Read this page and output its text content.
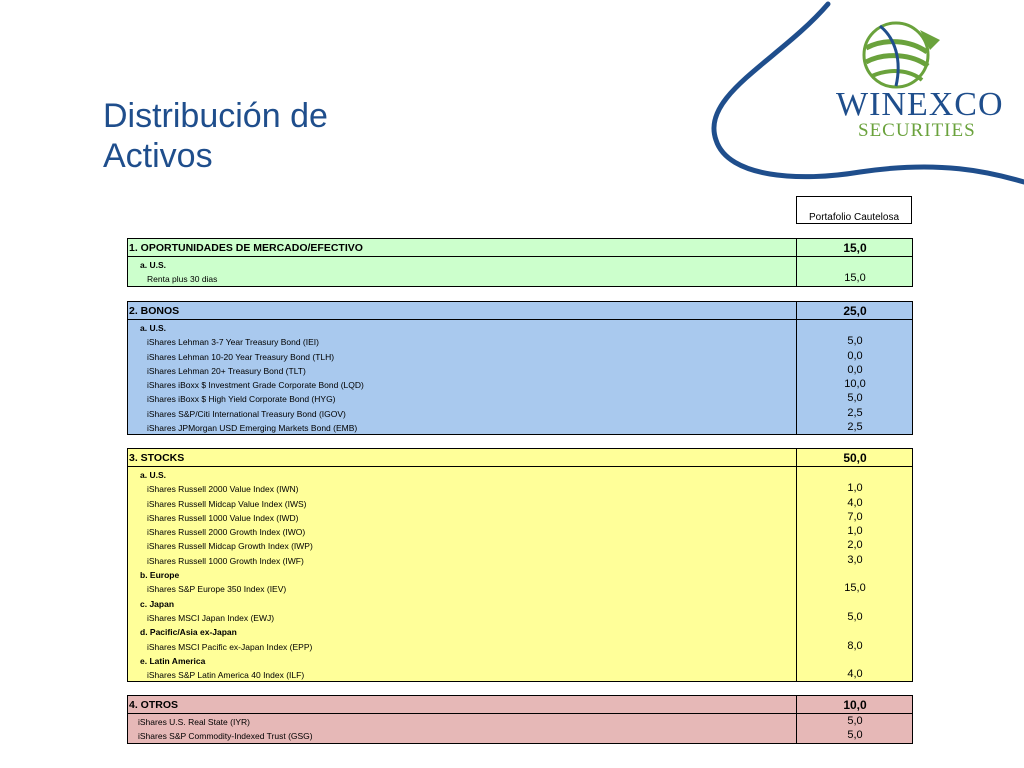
WINEXCO
SECURITIES
Distribución de
Activos
Portafolio Cautelosa
1. OPORTUNIDADES DE MERCADO/EFECTIVO	15,0
a. U.S.
Renta plus 30 dias	15,0
2. BONOS	25,0
a. U.S.
iShares Lehman 3-7 Year Treasury Bond (IEI)	5,0
iShares Lehman 10-20 Year Treasury Bond (TLH)	0,0
iShares Lehman 20+ Treasury Bond (TLT)	0,0
iShares iBoxx $ Investment Grade Corporate Bond (LQD)	10,0
iShares iBoxx $ High Yield Corporate Bond (HYG)	5,0
iShares S&P/Citi International Treasury Bond (IGOV)	2,5
iShares JPMorgan USD Emerging Markets Bond (EMB)	2,5
3. STOCKS	50,0
a. U.S.
iShares Russell 2000 Value Index (IWN)	1,0
iShares Russell Midcap Value Index (IWS)	4,0
iShares Russell 1000 Value Index (IWD)	7,0
iShares Russell 2000 Growth Index (IWO)	1,0
iShares Russell Midcap Growth Index (IWP)	2,0
iShares Russell 1000 Growth Index (IWF)	3,0
b. Europe
iShares S&P Europe 350 Index (IEV)	15,0
c. Japan
iShares MSCI Japan Index (EWJ)	5,0
d. Pacific/Asia ex-Japan
iShares MSCI Pacific ex-Japan Index (EPP)	8,0
e. Latin America
iShares S&P Latin America 40 Index (ILF)	4,0
4. OTROS	10,0
iShares U.S. Real State (IYR)	5,0
iShares S&P Commodity-Indexed Trust (GSG)	5,0
